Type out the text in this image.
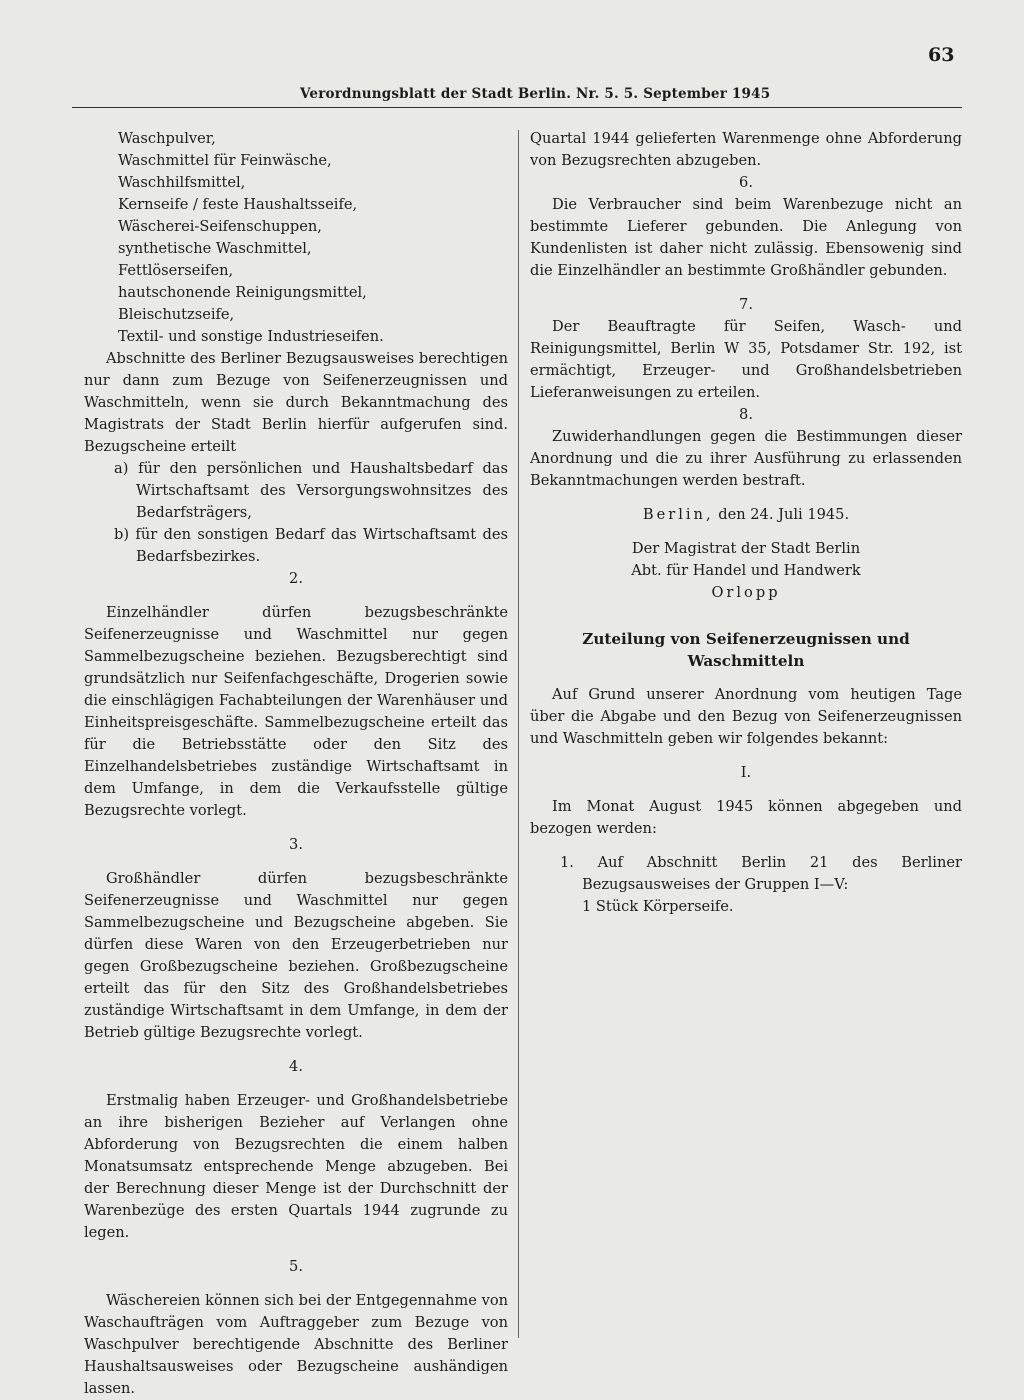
63
Verordnungsblatt der Stadt Berlin. Nr. 5. 5. September 1945

Waschpulver,

Waschmittel für Feinwäsche,

Waschhilfsmittel,

Kernseife / feste Haushaltsseife,

Wäscherei-Seifenschuppen,

synthetische Waschmittel,

Fettlöserseifen,

hautschonende Reinigungsmittel,

Bleischutzseife,

Textil- und sonstige Industrieseifen.

Abschnitte des Berliner Bezugsausweises berechtigen nur dann zum Bezuge von Seifenerzeugnissen und Waschmitteln, wenn sie durch Bekanntmachung des Magistrats der Stadt Berlin hierfür aufgerufen sind. Bezugscheine erteilt

a) für den persönlichen und Haushaltsbedarf das Wirtschaftsamt des Versorgungswohnsitzes des Bedarfsträgers,

b) für den sonstigen Bedarf das Wirtschaftsamt des Bedarfsbezirkes.

2.

Einzelhändler dürfen bezugsbeschränkte Seifenerzeugnisse und Waschmittel nur gegen Sammelbezugscheine beziehen. Bezugsberechtigt sind grundsätzlich nur Seifenfachgeschäfte, Drogerien sowie die einschlägigen Fachabteilungen der Warenhäuser und Einheitspreisgeschäfte. Sammelbezugscheine erteilt das für die Betriebsstätte oder den Sitz des Einzelhandelsbetriebes zuständige Wirtschaftsamt in dem Umfange, in dem die Verkaufsstelle gültige Bezugsrechte vorlegt.

3.

Großhändler dürfen bezugsbeschränkte Seifenerzeugnisse und Waschmittel nur gegen Sammelbezugscheine und Bezugscheine abgeben. Sie dürfen diese Waren von den Erzeugerbetrieben nur gegen Großbezugscheine beziehen. Großbezugscheine erteilt das für den Sitz des Großhandelsbetriebes zuständige Wirtschaftsamt in dem Umfange, in dem der Betrieb gültige Bezugsrechte vorlegt.

4.

Erstmalig haben Erzeuger- und Großhandelsbetriebe an ihre bisherigen Bezieher auf Verlangen ohne Abforderung von Bezugsrechten die einem halben Monatsumsatz entsprechende Menge abzugeben. Bei der Berechnung dieser Menge ist der Durchschnitt der Warenbezüge des ersten Quartals 1944 zugrunde zu legen.

5.

Wäschereien können sich bei der Entgegennahme von Waschaufträgen vom Auftraggeber zum Bezuge von Waschpulver berechtigende Abschnitte des Berliner Haushaltsausweises oder Bezugscheine aushändigen lassen.

Quartal 1944 gelieferten Warenmenge ohne Abforderung von Bezugsrechten abzugeben.

6.

Die Verbraucher sind beim Warenbezuge nicht an bestimmte Lieferer gebunden. Die Anlegung von Kundenlisten ist daher nicht zulässig. Ebensowenig sind die Einzelhändler an bestimmte Großhändler gebunden.

7.

Der Beauftragte für Seifen, Wasch- und Reinigungsmittel, Berlin W 35, Potsdamer Str. 192, ist ermächtigt, Erzeuger- und Großhandelsbetrieben Lieferanweisungen zu erteilen.

8.

Zuwiderhandlungen gegen die Bestimmungen dieser Anordnung und die zu ihrer Ausführung zu erlassenden Bekanntmachungen werden bestraft.

Berlin, den 24. Juli 1945.

Der Magistrat der Stadt Berlin

Abt. für Handel und Handwerk

Orlopp

Zuteilung von Seifenerzeugnissen und Waschmitteln

Auf Grund unserer Anordnung vom heutigen Tage über die Abgabe und den Bezug von Seifenerzeugnissen und Waschmitteln geben wir folgendes bekannt:

I.

Im Monat August 1945 können abgegeben und bezogen werden:

1. Auf Abschnitt Berlin 21 des Berliner Bezugsausweises der Gruppen I—V:

1 Stück Körperseife.
